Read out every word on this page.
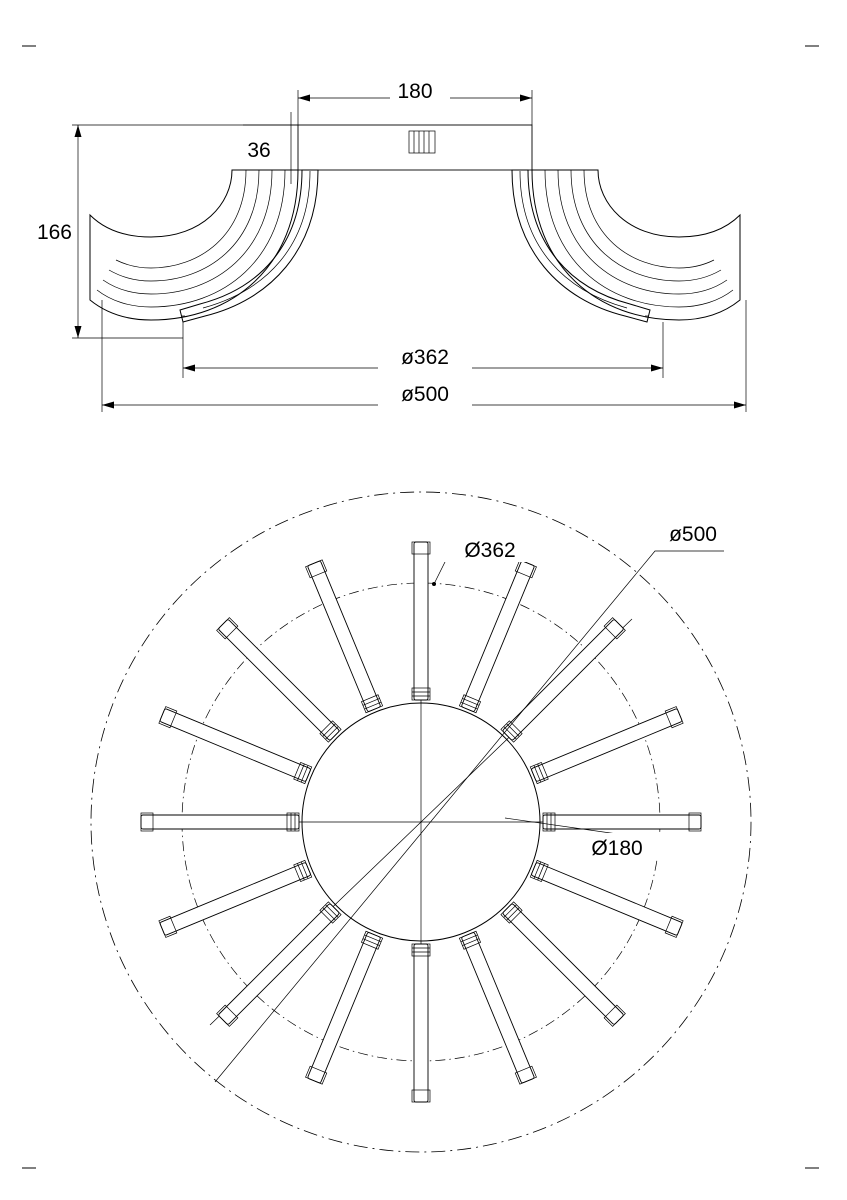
180
36
166
ø362
ø500
Ø362
ø500
Ø180
